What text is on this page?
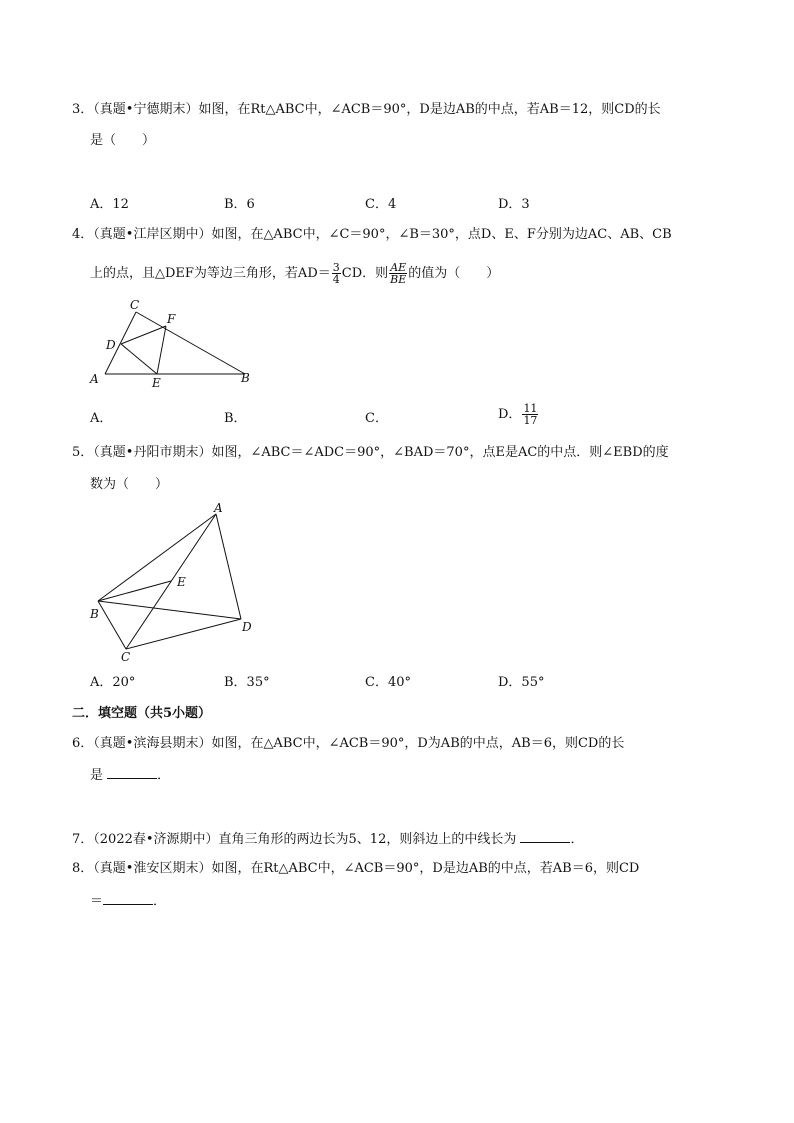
3．（真题•宁德期末）如图，在Rt△ABC中，∠ACB＝90°，D是边AB的中点，若AB＝12，则CD的长
是（　　）
A．12	B．6	C．4	D．3
4．（真题•江岸区期中）如图，在△ABC中，∠C＝90°，∠B＝30°，点D、E、F分别为边AC、AB、CB
上的点，且△DEF为等边三角形，若$AD= \frac{3}{4}$ CD．则 $\frac{AE}{BE}$ 的值为（　　）
C
F
D
A	E	B
A．	B．	C．	D． $\frac{11}{17}$
5．（真题•丹阳市期末）如图，∠ABC＝∠ADC＝90°，∠BAD＝70°，点E是AC的中点．则∠EBD的度
数为（　　）
A
E
B
D
C
A．20°	B．35°	C．40°	D．55°
二．填空题（共5小题）
6．（真题•滨海县期末）如图，在△ABC中，∠ACB＝90°，D为AB的中点，AB＝6，则CD的长
是	．
7．（2022春•济源期中）直角三角形的两边长为5、12，则斜边上的中线长为	．
8．（真题•淮安区期末）如图，在Rt△ABC中，∠ACB＝90°，D是边AB的中点，若AB＝6，则CD
＝	．
